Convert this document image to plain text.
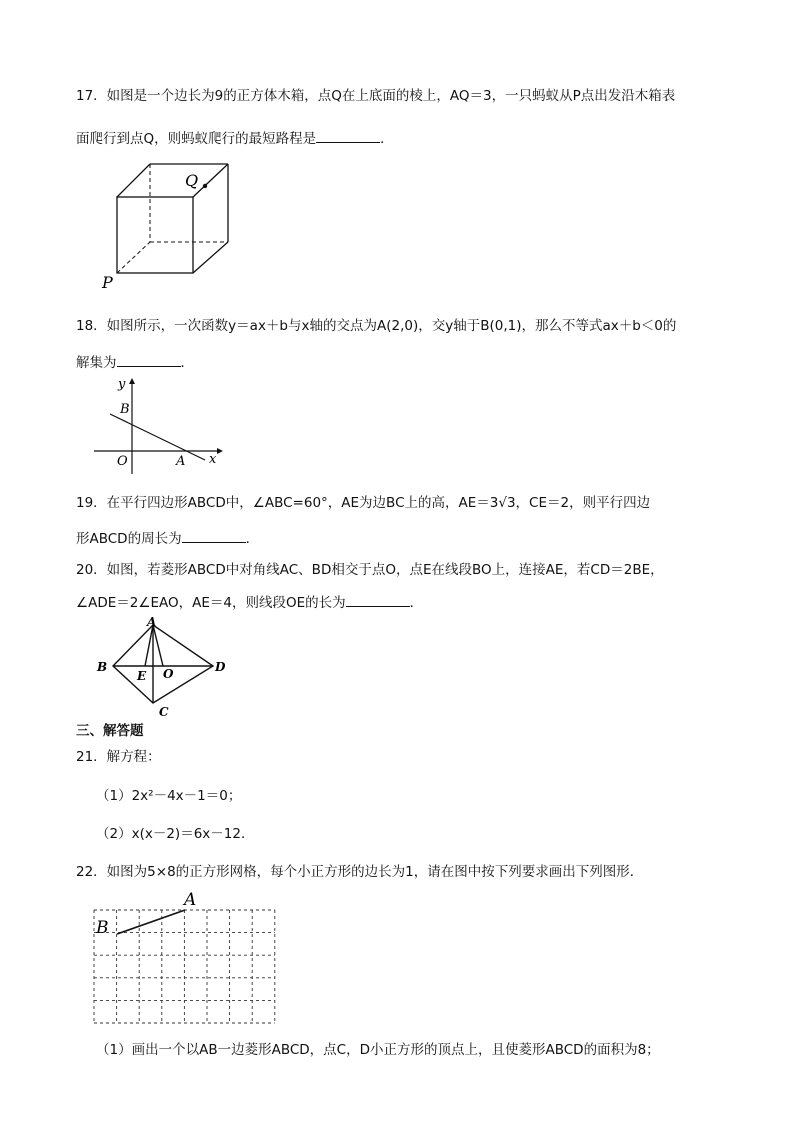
17．如图是一个边长为9的正方体木箱，点Q在上底面的棱上，AQ＝3，一只蚂蚁从P点出发沿木箱表
面爬行到点Q，则蚂蚁爬行的最短路程是	．
Q
P
18．如图所示，一次函数y＝ax＋b与x轴的交点为A(2,0)，交y轴于B(0,1)，那么不等式ax＋b＜0的
解集为	．
y
x
B
O	A
19．在平行四边形ABCD中，∠ABC=60°，AE为边BC上的高，AE＝3√3，CE＝2，则平行四边
形ABCD的周长为	．
20．如图，若菱形ABCD中对角线AC、BD相交于点O，点E在线段BO上，连接AE，若CD＝2BE，
∠ADE＝2∠EAO，AE＝4，则线段OE的长为	．
A
B	D
C
E O
三、解答题
21．解方程：
（1）2x²－4x－1＝0；
（2）x(x－2)＝6x－12．
22．如图为5×8的正方形网格，每个小正方形的边长为1，请在图中按下列要求画出下列图形．
A
B
（1）画出一个以AB一边菱形ABCD，点C，D小正方形的顶点上，且使菱形ABCD的面积为8；
